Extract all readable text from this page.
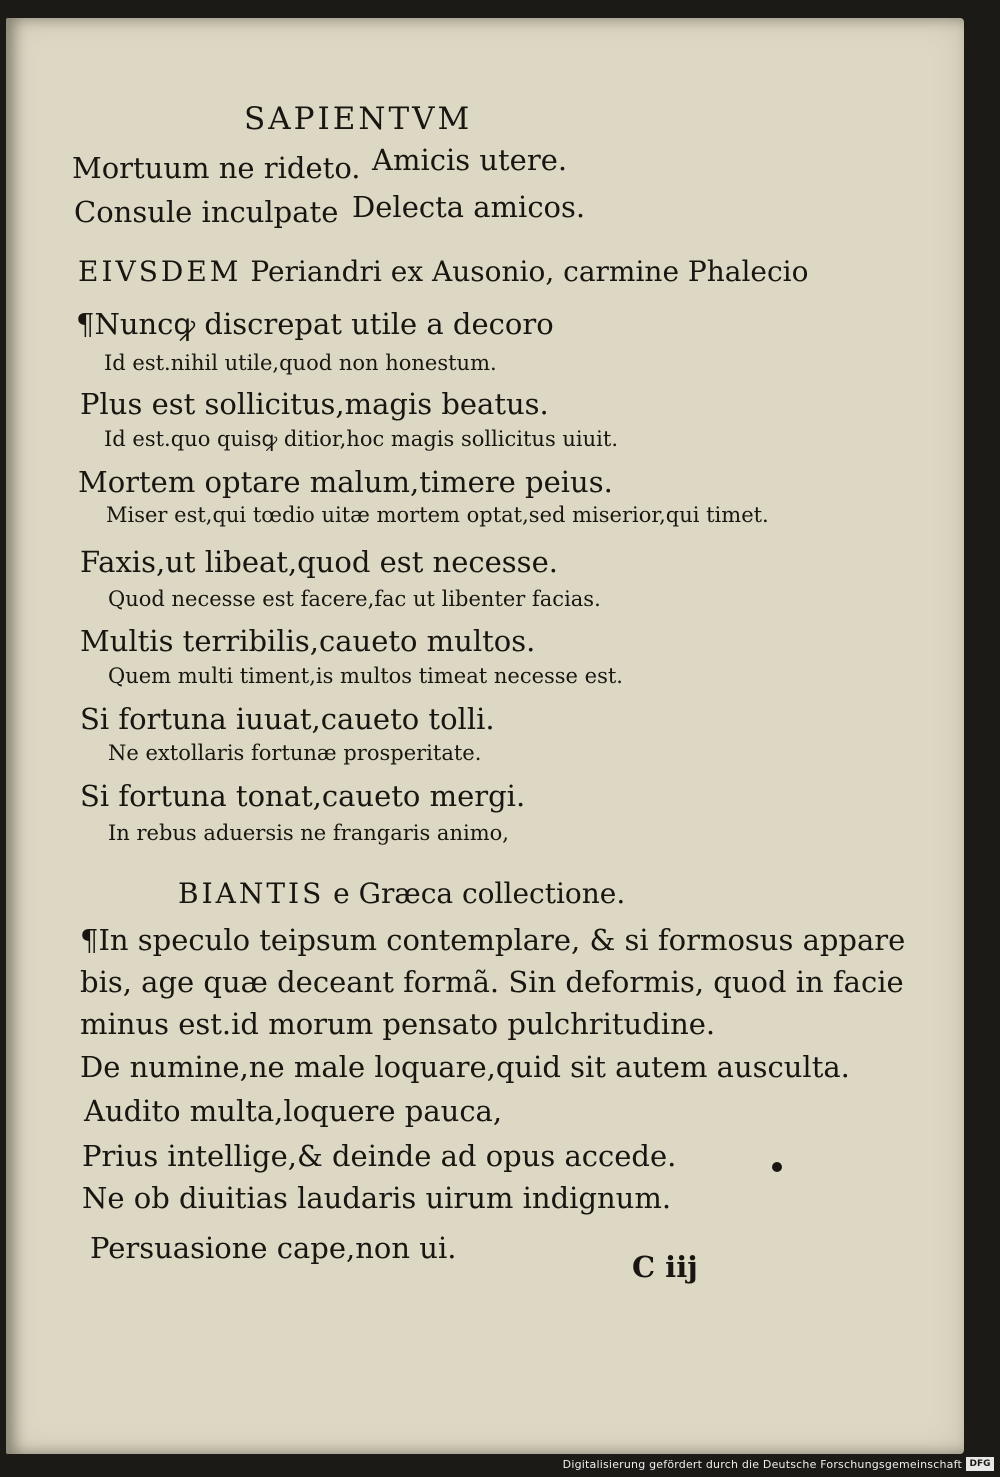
SAPIENTVM
Mortuum ne rideto. Amicis utere.
Consule inculpate Delecta amicos.
EIVSDEM Periandri ex Ausonio, carmine Phalecio
¶Nuncꝙ discrepat utile a decoro
Id est.nihil utile,quod non honestum.
Plus est sollicitus,magis beatus.
Id est.quo quisꝙ ditior,hoc magis sollicitus uiuit.
Mortem optare malum,timere peius.
Miser est,qui tœdio uitæ mortem optat,sed miserior,qui timet.
Faxis,ut libeat,quod est necesse.
Quod necesse est facere,fac ut libenter facias.
Multis terribilis,caueto multos.
Quem multi timent,is multos timeat necesse est.
Si fortuna iuuat,caueto tolli.
Ne extollaris fortunæ prosperitate.
Si fortuna tonat,caueto mergi.
In rebus aduersis ne frangaris animo,
BIANTIS e Græca collectione.
¶In speculo teipsum contemplare, & si formosus appare
bis, age quæ deceant formã. Sin deformis, quod in facie
minus est.id morum pensato pulchritudine.
De numine,ne male loquare,quid sit autem ausculta.
Audito multa,loquere pauca,
Prius intellige,& deinde ad opus accede.
Ne ob diuitias laudaris uirum indignum.
Persuasione cape,non ui.
C iij
Digitalisierung gefördert durch die Deutsche Forschungsgemeinschaft DFG
